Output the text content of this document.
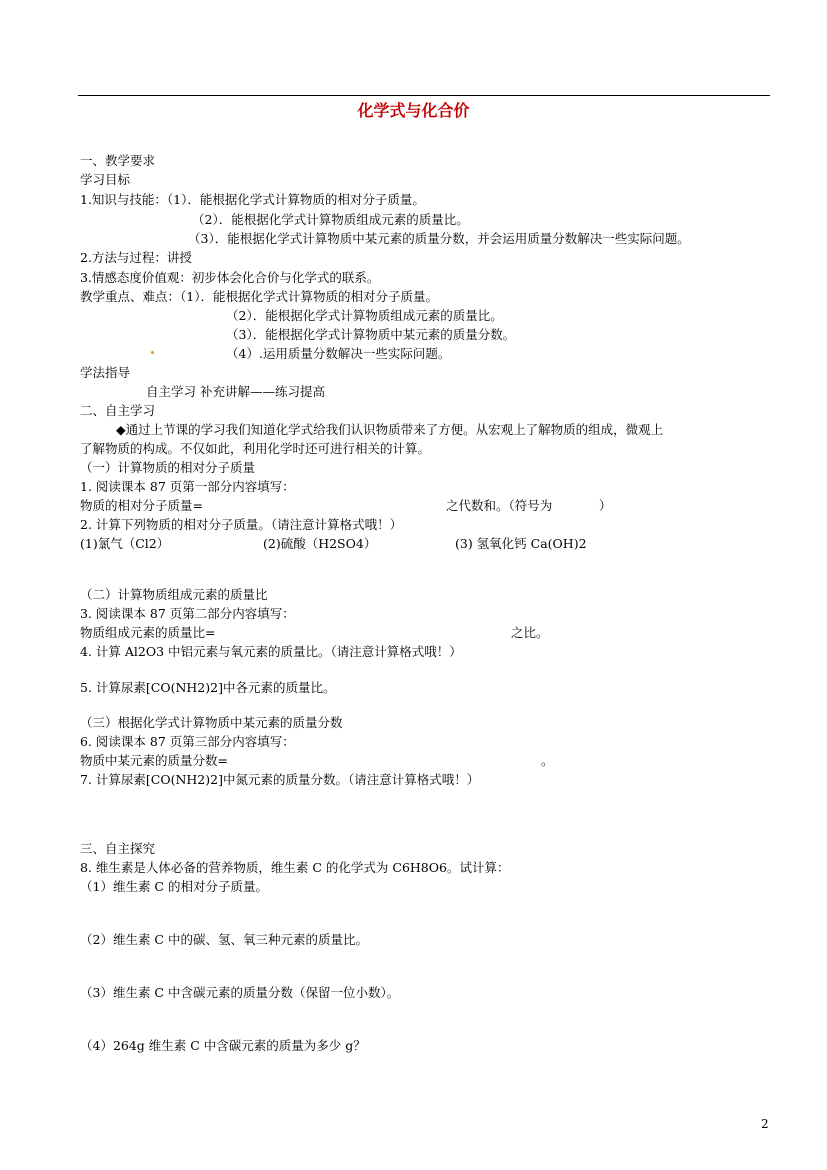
化学式与化合价
一、教学要求
学习目标
1.知识与技能：（1）．能根据化学式计算物质的相对分子质量。
（2）．能根据化学式计算物质组成元素的质量比。
（3）．能根据化学式计算物质中某元素的质量分数，并会运用质量分数解决一些实际问题。
2.方法与过程：讲授
3.情感态度价值观：初步体会化合价与化学式的联系。
教学重点、难点：（1）．能根据化学式计算物质的相对分子质量。
（2）．能根据化学式计算物质组成元素的质量比。
（3）．能根据化学式计算物质中某元素的质量分数。
（4）.运用质量分数解决一些实际问题。
学法指导
自主学习 补充讲解——练习提高
二、自主学习
◆通过上节课的学习我们知道化学式给我们认识物质带来了方便。从宏观上了解物质的组成，微观上
了解物质的构成。不仅如此，利用化学时还可进行相关的计算。
（一）计算物质的相对分子质量
1. 阅读课本 87 页第一部分内容填写：
物质的相对分子质量=	之代数和。（符号为	）
2. 计算下列物质的相对分子质量。（请注意计算格式哦！）
(1)氯气（Cl2）	(2)硫酸（H2SO4）	(3) 氢氧化钙 Ca(OH)2
（二）计算物质组成元素的质量比
3. 阅读课本 87 页第二部分内容填写：
物质组成元素的质量比=	之比。
4. 计算 Al2O3 中铝元素与氧元素的质量比。（请注意计算格式哦！）
5. 计算尿素[CO(NH2)2]中各元素的质量比。
（三）根据化学式计算物质中某元素的质量分数
6. 阅读课本 87 页第三部分内容填写：
物质中某元素的质量分数=	。
7. 计算尿素[CO(NH2)2]中氮元素的质量分数。（请注意计算格式哦！）
三、自主探究
8. 维生素是人体必备的营养物质，维生素 C 的化学式为 C6H8O6。试计算：
（1）维生素 C 的相对分子质量。
（2）维生素 C 中的碳、氢、氧三种元素的质量比。
（3）维生素 C 中含碳元素的质量分数（保留一位小数）。
（4）264g 维生素 C 中含碳元素的质量为多少 g？
2
